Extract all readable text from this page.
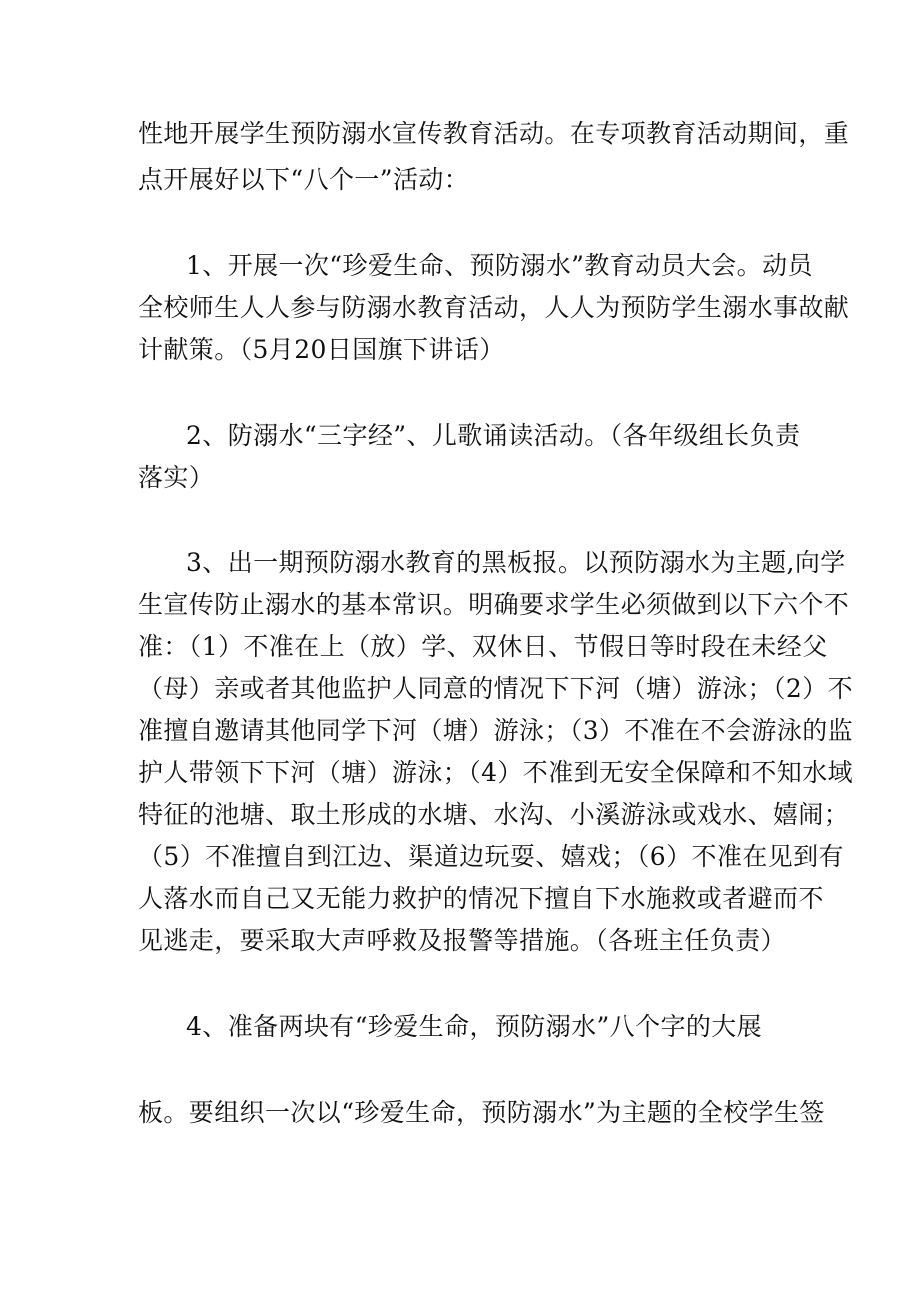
性地开展学生预防溺水宣传教育活动。在专项教育活动期间，重
点开展好以下“八个一”活动：
1、开展一次“珍爱生命、预防溺水”教育动员大会。动员
全校师生人人参与防溺水教育活动，人人为预防学生溺水事故献
计献策。（5月20日国旗下讲话）
2、防溺水“三字经”、儿歌诵读活动。（各年级组长负责
落实）
3、出一期预防溺水教育的黑板报。以预防溺水为主题,向学
生宣传防止溺水的基本常识。明确要求学生必须做到以下六个不
准：（1）不准在上（放）学、双休日、节假日等时段在未经父
（母）亲或者其他监护人同意的情况下下河（塘）游泳；（2）不
准擅自邀请其他同学下河（塘）游泳；（3）不准在不会游泳的监
护人带领下下河（塘）游泳；（4）不准到无安全保障和不知水域
特征的池塘、取土形成的水塘、水沟、小溪游泳或戏水、嬉闹；
（5）不准擅自到江边、渠道边玩耍、嬉戏；（6）不准在见到有
人落水而自己又无能力救护的情况下擅自下水施救或者避而不
见逃走，要采取大声呼救及报警等措施。（各班主任负责）
4、准备两块有“珍爱生命，预防溺水”八个字的大展
板。要组织一次以“珍爱生命，预防溺水”为主题的全校学生签
